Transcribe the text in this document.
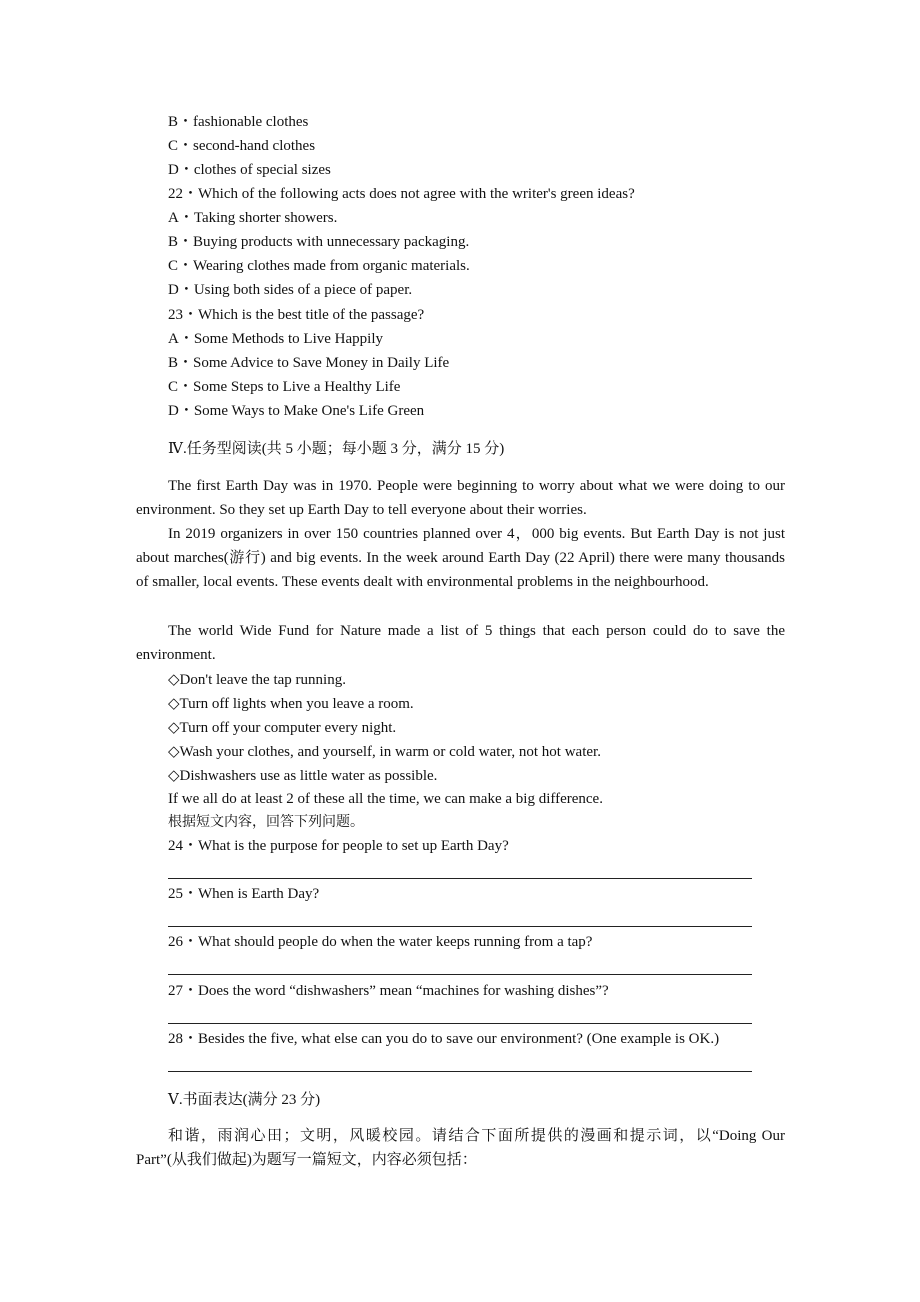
B・fashionable clothes
C・second-hand clothes
D・clothes of special sizes
22・Which of the following acts does not agree with the writer's green ideas?
A・Taking shorter showers.
B・Buying products with unnecessary packaging.
C・Wearing clothes made from organic materials.
D・Using both sides of a piece of paper.
23・Which is the best title of the passage?
A・Some Methods to Live Happily
B・Some Advice to Save Money in Daily Life
C・Some Steps to Live a Healthy Life
D・Some Ways to Make One's Life Green
Ⅳ.任务型阅读(共 5 小题；每小题 3 分，满分 15 分)
The first Earth Day was in 1970. People were beginning to worry about what we were doing to our environment. So they set up Earth Day to tell everyone about their worries.
In 2019 organizers in over 150 countries planned over 4，000 big events. But Earth Day is not just about marches(游行) and big events. In the week around Earth Day (22 April) there were many thousands of smaller, local events. These events dealt with environmental problems in the neighbourhood.
The world Wide Fund for Nature made a list of 5 things that each person could do to save the environment.
◇Don't leave the tap running.
◇Turn off lights when you leave a room.
◇Turn off your computer every night.
◇Wash your clothes, and yourself, in warm or cold water, not hot water.
◇Dishwashers use as little water as possible.
If we all do at least 2 of these all the time, we can make a big difference.
根据短文内容，回答下列问题。
24・What is the purpose for people to set up Earth Day?
25・When is Earth Day?
26・What should people do when the water keeps running from a tap?
27・Does the word “dishwashers” mean “machines for washing dishes”?
28・Besides the five, what else can you do to save our environment? (One example is OK.)
Ⅴ.书面表达(满分 23 分)
和谐，雨润心田；文明，风暖校园。请结合下面所提供的漫画和提示词，以“Doing Our Part”(从我们做起)为题写一篇短文，内容必须包括：
